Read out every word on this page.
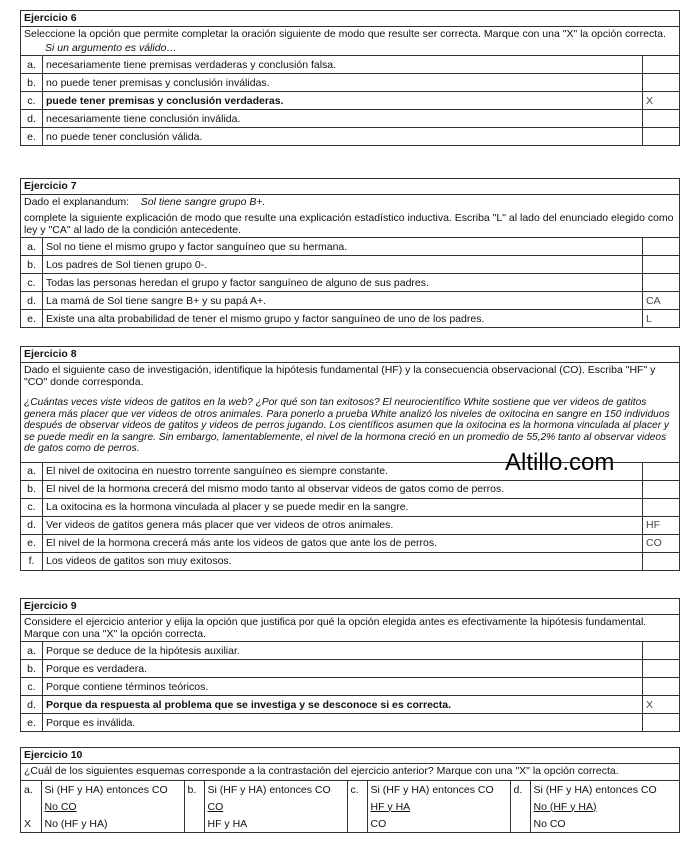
Ejercicio 6
Seleccione la opción que permite completar la oración siguiente de modo que resulte ser correcta. Marque con una "X" la opción correcta.
Si un argumento es válido…
a.	necesariamente tiene premisas verdaderas y conclusión falsa.	
b.	no puede tener premisas y conclusión inválidas.	
c.	puede tener premisas y conclusión verdaderas.	X
d.	necesariamente tiene conclusión inválida.	
e.	no puede tener conclusión válida.	
Ejercicio 7
Dado el explanandum: Sol tiene sangre grupo B+.
complete la siguiente explicación de modo que resulte una explicación estadístico inductiva. Escriba "L" al lado del enunciado elegido como ley y "CA" al lado de la condición antecedente.
a.	Sol no tiene el mismo grupo y factor sanguíneo que su hermana.	
b.	Los padres de Sol tienen grupo 0-.	
c.	Todas las personas heredan el grupo y factor sanguíneo de alguno de sus padres.	
d.	La mamá de Sol tiene sangre B+ y su papá A+.	CA
e.	Existe una alta probabilidad de tener el mismo grupo y factor sanguíneo de uno de los padres.	L
Ejercicio 8
Dado el siguiente caso de investigación, identifique la hipótesis fundamental (HF) y la consecuencia observacional (CO). Escriba "HF" y "CO" donde corresponda.
¿Cuántas veces viste videos de gatitos en la web? ¿Por qué son tan exitosos? El neurocientífico White sostiene que ver videos de gatitos genera más placer que ver videos de otros animales. Para ponerlo a prueba White analizó los niveles de oxitocina en sangre en 150 individuos después de observar videos de gatitos y videos de perros jugando. Los científicos asumen que la oxitocina es la hormona vinculada al placer y se puede medir en la sangre. Sin embargo, lamentablemente, el nivel de la hormona creció en un promedio de 55,2% tanto al observar videos de gatos como de perros.
a.	El nivel de oxitocina en nuestro torrente sanguíneo es siempre constante.	
b.	El nivel de la hormona crecerá del mismo modo tanto al observar videos de gatos como de perros.	
c.	La oxitocina es la hormona vinculada al placer y se puede medir en la sangre.	
d.	Ver videos de gatitos genera más placer que ver videos de otros animales.	HF
e.	El nivel de la hormona crecerá más ante los videos de gatos que ante los de perros.	CO
f.	Los videos de gatitos son muy exitosos.	
Altillo.com
Ejercicio 9
Considere el ejercicio anterior y elija la opción que justifica por qué la opción elegida antes es efectivamente la hipótesis fundamental. Marque con una "X" la opción correcta.
a.	Porque se deduce de la hipótesis auxiliar.	
b.	Porque es verdadera.	
c.	Porque contiene términos teóricos.	
d.	Porque da respuesta al problema que se investiga y se desconoce si es correcta.	X
e.	Porque es inválida.	
Ejercicio 10
¿Cuál de los siguientes esquemas corresponde a la contrastación del ejercicio anterior? Marque con una "X" la opción correcta.
a.	Si (HF y HA) entonces CO	b.	Si (HF y HA) entonces CO	c.	Si (HF y HA) entonces CO	d.	Si (HF y HA) entonces CO
	No CO		CO		HF y HA		No (HF y HA)
X	No (HF y HA)		HF y HA		CO		No CO
